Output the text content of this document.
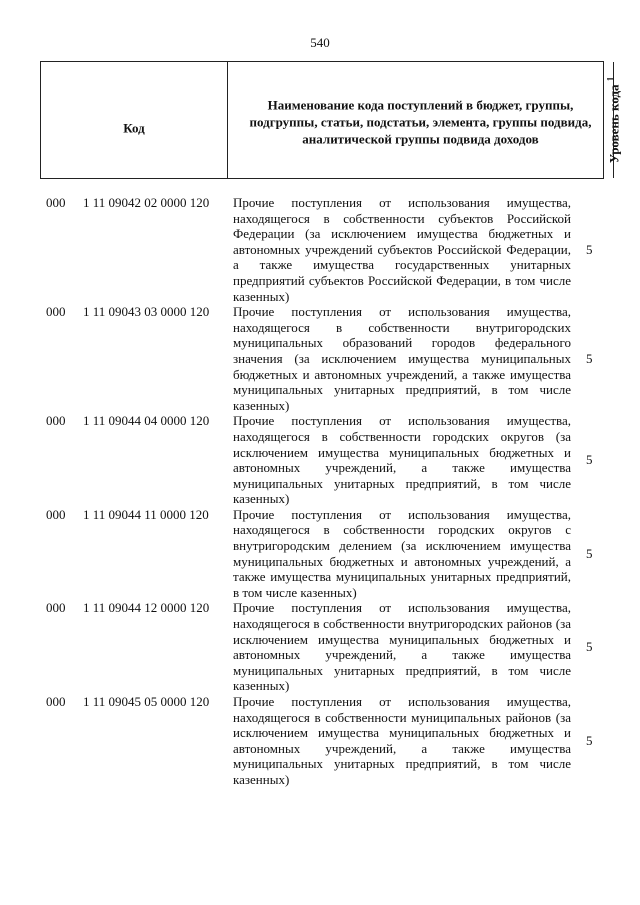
540
Код
Наименование кода поступлений в бюджет, группы, подгруппы, статьи, подстатьи, элемента, группы подвида, аналитической группы подвида доходов	Уровень кода $^1$
000 1 11 09042 02 0000 120 Прочие поступления от использования имущества, находящегося в собственности субъектов Российской Федерации (за исключением имущества бюджетных и автономных учреждений субъектов Российской Федерации, а также имущества государственных унитарных предприятий субъектов Российской Федерации, в том числе казенных)
5
000 1 11 09043 03 0000 120 Прочие поступления от использования имущества, находящегося в собственности внутригородских муниципальных образований городов федерального значения (за исключением имущества муниципальных бюджетных и автономных учреждений, а также имущества муниципальных унитарных предприятий, в том числе казенных)
5
000 1 11 09044 04 0000 120 Прочие поступления от использования имущества, находящегося в собственности городских округов (за исключением имущества муниципальных бюджетных и автономных учреждений, а также имущества муниципальных унитарных предприятий, в том числе казенных)
5
000 1 11 09044 11 0000 120 Прочие поступления от использования имущества, находящегося в собственности городских округов с внутригородским делением (за исключением имущества муниципальных бюджетных и автономных учреждений, а также имущества муниципальных унитарных предприятий, в том числе казенных)
5
000 1 11 09044 12 0000 120 Прочие поступления от использования имущества, находящегося в собственности внутригородских районов (за исключением имущества муниципальных бюджетных и автономных учреждений, а также имущества муниципальных унитарных предприятий, в том числе казенных)
5
000 1 11 09045 05 0000 120 Прочие поступления от использования имущества, находящегося в собственности муниципальных районов (за исключением имущества муниципальных бюджетных и автономных учреждений, а также имущества муниципальных унитарных предприятий, в том числе казенных)
5
